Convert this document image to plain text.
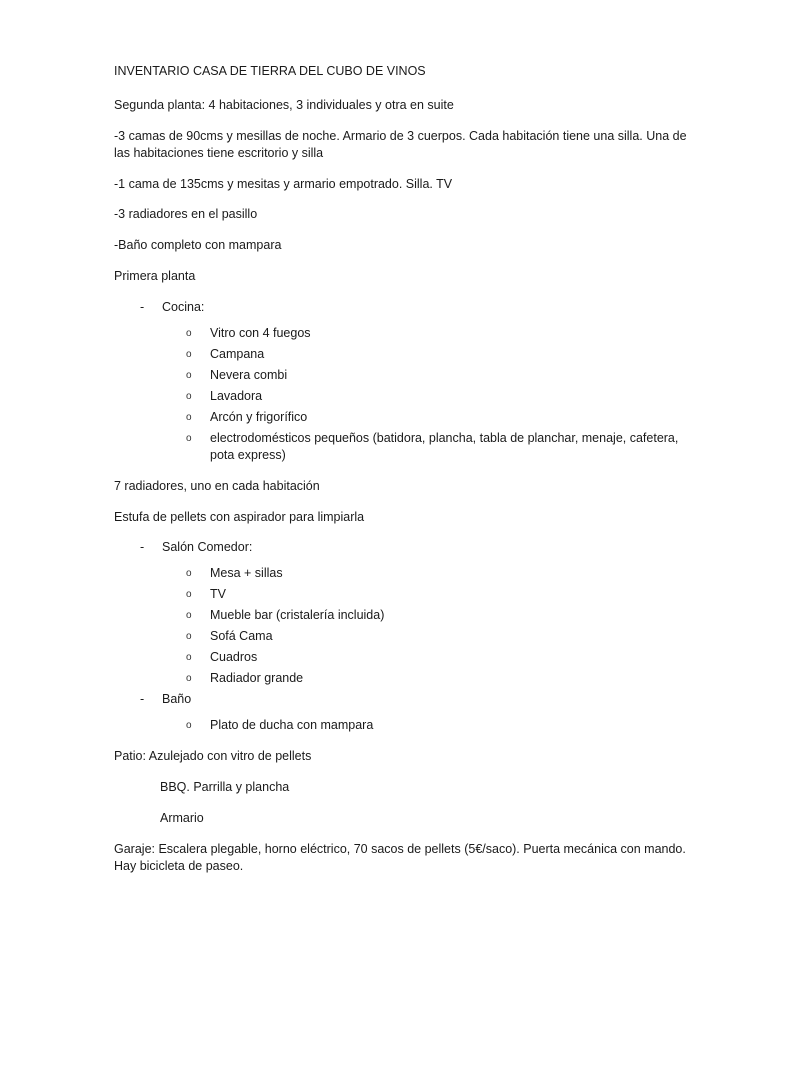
INVENTARIO CASA DE TIERRA DEL CUBO DE VINOS

Segunda planta: 4 habitaciones, 3 individuales y otra en suite

-3 camas de 90cms y mesillas de noche. Armario de 3 cuerpos. Cada habitación tiene una silla. Una de las habitaciones tiene escritorio y silla

-1 cama de 135cms y mesitas y armario empotrado. Silla. TV

-3 radiadores en el pasillo

-Baño completo con mampara

Primera planta

-	Cocina:
o	Vitro con 4 fuegos
o	Campana
o	Nevera combi
o	Lavadora
o	Arcón y frigorífico
o	electrodomésticos pequeños (batidora, plancha, tabla de planchar, menaje, cafetera, pota express)

7 radiadores, uno en cada habitación

Estufa de pellets con aspirador para limpiarla

-	Salón Comedor:
o	Mesa + sillas
o	TV
o	Mueble bar (cristalería incluida)
o	Sofá Cama
o	Cuadros
o	Radiador grande
-	Baño
o	Plato de ducha con mampara

Patio: Azulejado con vitro de pellets

BBQ. Parrilla y plancha

Armario

Garaje: Escalera plegable, horno eléctrico, 70 sacos de pellets (5€/saco). Puerta mecánica con mando. Hay bicicleta de paseo.
